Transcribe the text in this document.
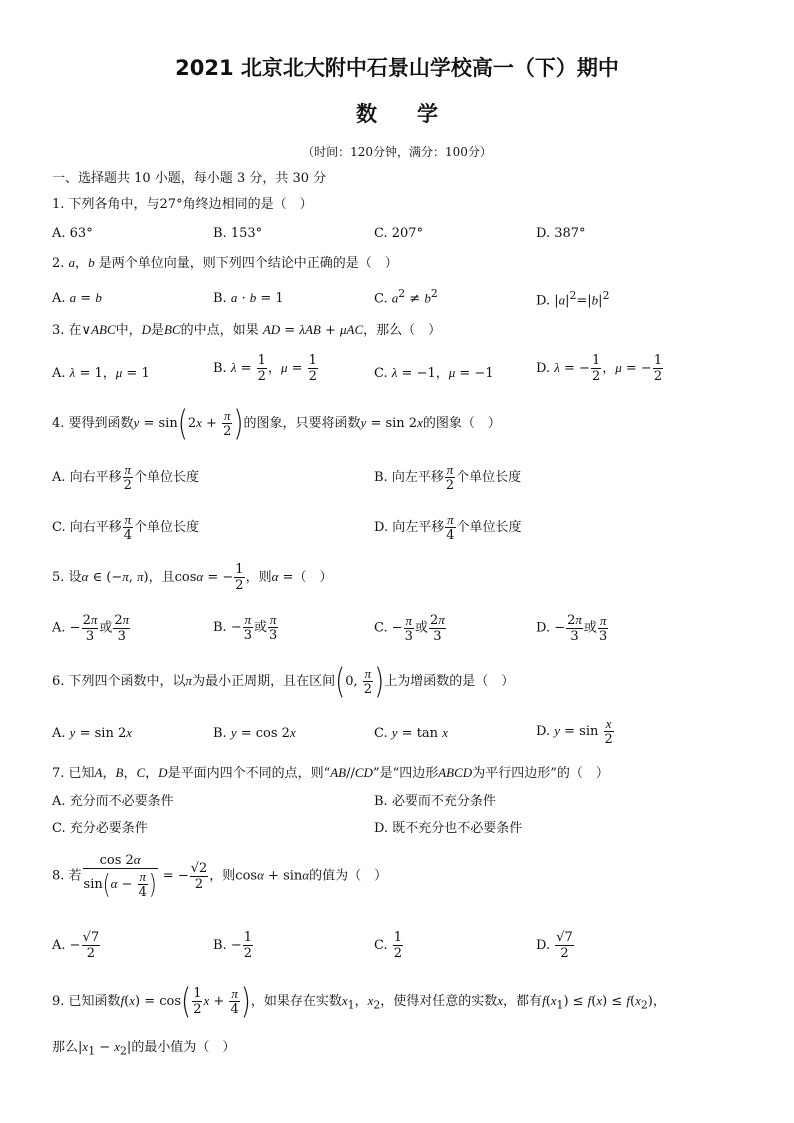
2021 北京北大附中石景山学校高一（下）期中
数学
（时间：120分钟，满分：100分）
一、选择题共 10 小题，每小题 3 分，共 30 分
1. 下列各角中，与27°角终边相同的是（　）
A. 63°	B. 153°	C. 207°	D. 387°
2. a，b 是两个单位向量，则下列四个结论中正确的是（　）
A. a = b	B. a · b = 1	C. $a^2 \ne b^2$	D. $|a|^2=|b|^2$
3. 在∨ABC中，D是BC的中点，如果 AD = λAB + μAC，那么（　）
A. λ = 1，μ = 1	B. $\lambda = \frac{1}{2}$ ，$\mu = \frac{1}{2}$	C. λ = −1，μ = −1	D. λ = − $\frac{1}{2}$ ，μ = − $\frac{1}{2}$
4. 要得到函数$y = \sin(2x + \frac{\pi}{2}$ )的图象，只要将函数y = sin 2x的图象（　）
A. 向右平移 $\frac{\pi}{2}$ 个单位长度	B. 向左平移 $\frac{\pi}{2}$ 个单位长度
C. 向右平移 $\frac{\pi}{4}$ 个单位长度	D. 向左平移 $\frac{\pi}{4}$ 个单位长度
5. 设α ∈ (−π, π)，且cosα = − $\frac{1}{2}$ ，则α =（　）
A. − $\frac{2\pi}{3}$ 或 $\frac{2\pi}{3}$	B. − $\frac{\pi}{3}$ 或 $\frac{\pi}{3}$	C. − $\frac{\pi}{3}$ 或 $\frac{2\pi}{3}$	D. − $\frac{2\pi}{3}$ 或 $\frac{\pi}{3}$
6. 下列四个函数中，以π为最小正周期，且在区间(0, $\frac{\pi}{2}$ )上为增函数的是（　）
A. y = sin 2x	B. y = cos 2x	C. y = tan x	D. $y = \sin \frac{x}{2}$
7. 已知A，B，C，D是平面内四个不同的点，则“AB//CD”是“四边形ABCD为平行四边形”的（　）
A. 充分而不必要条件	B. 必要而不充分条件
C. 充分必要条件	D. 既不充分也不必要条件
8. 若 $\frac{\cos 2\alpha}{\sin(\alpha - \frac{\pi}{4} )}$ = − $\frac{√2}{2}$ ，则cosα + sinα的值为（　）
A. − $\frac{√7}{2}$	B. − $\frac{1}{2}$	C. $\frac{1}{2}$	D. $\frac{√7}{2}$
9. 已知函数$f(x) = \cos( \frac{1}{2}$ $x + \frac{\pi}{4}$ )，如果存在实数$x_1$，$x_2$，使得对任意的实数x，都有$f(x_1) \le f(x) \le f(x_2)$，
那么$|x_1 - x_2|$的最小值为（　）
